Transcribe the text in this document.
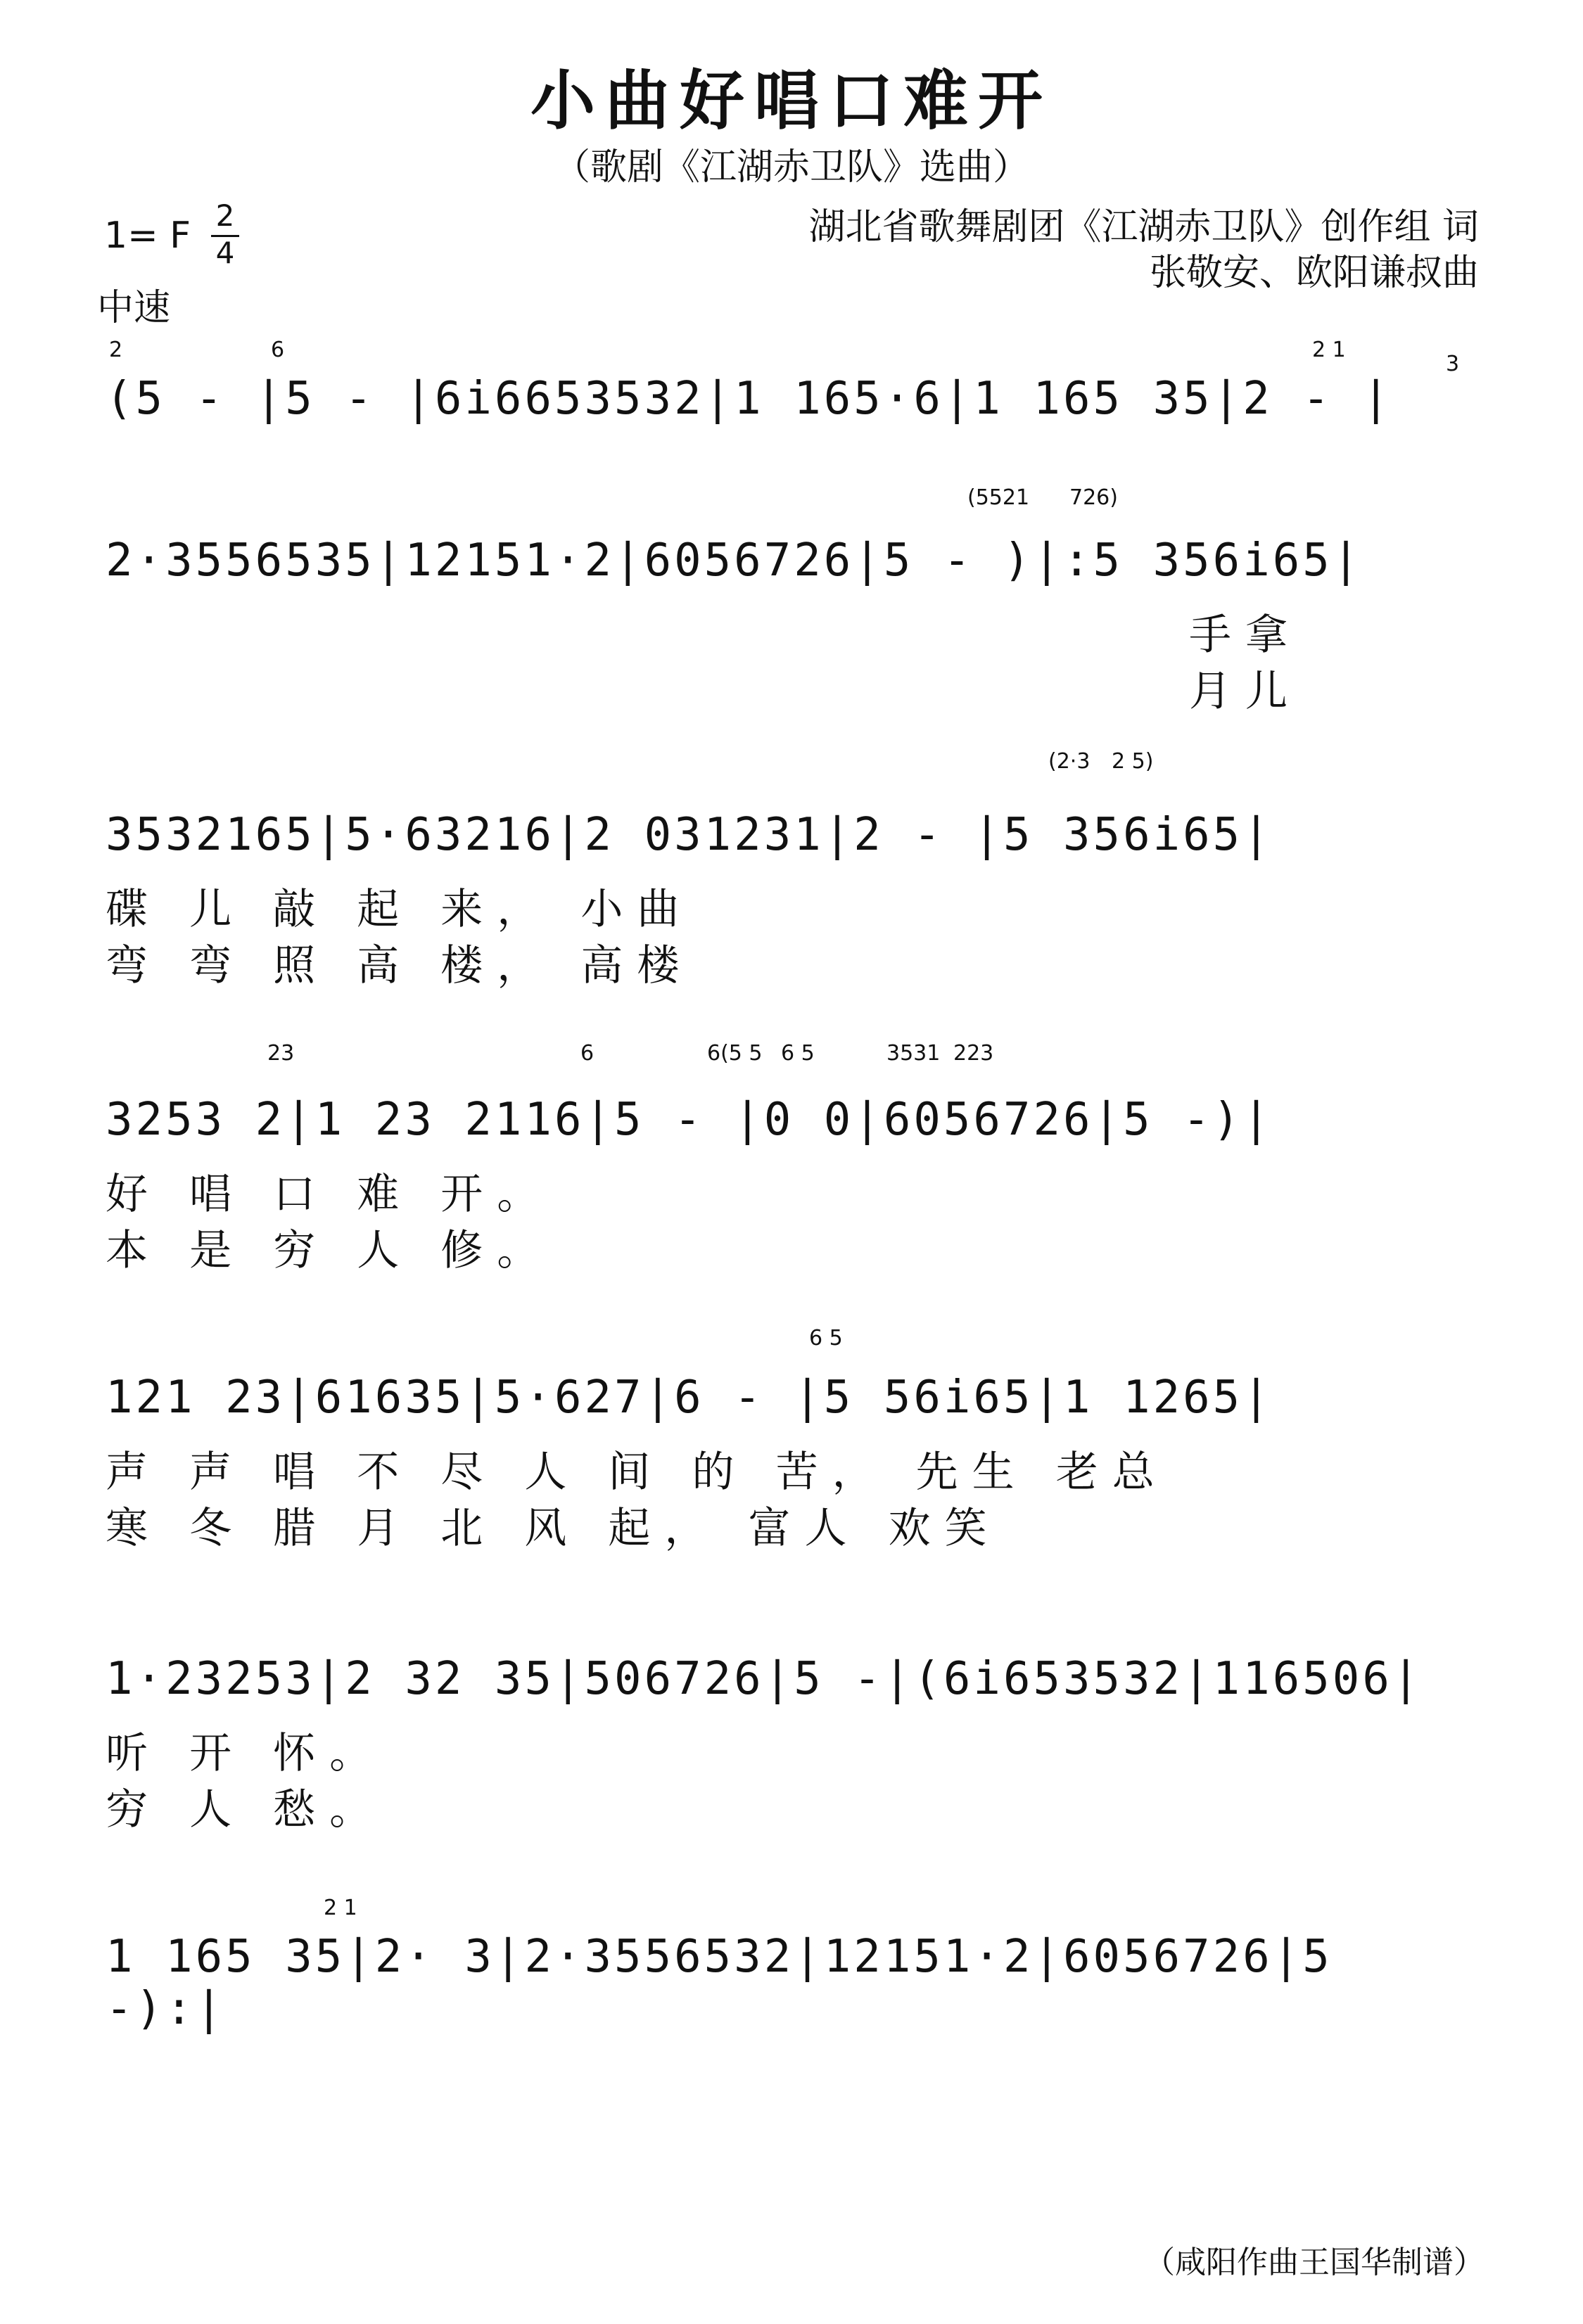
小曲好唱口难开
（歌剧《江湖赤卫队》选曲）
湖北省歌舞剧团《江湖赤卫队》创作组 词
张敬安、欧阳谦叔曲
1= F 2
4
中速
2	6	2 1
3
(5 - |5 - |6i6653532|1 165·6|1 165 35|2 - |
(5521 726)
2·3556535|12151·2|6056726|5 - )|:5 356i65|
手拿
月儿
(2·3 2 5)
3532165|5·63216|2 031231|2 - |5 356i65|
碟 儿 敲 起 来， 小曲
弯 弯 照 高 楼， 高楼
23	6	6(5 5 6 5	3531 223
3253 2|1 23 2116|5 - |0 0|6056726|5 -)|
好 唱 口 难 开。
本 是 穷 人 修。
6 5
121 23|61635|5·627|6 - |5 56i65|1 1265|
声 声 唱 不 尽 人 间 的 苦， 先生 老总
寒 冬 腊 月 北 风 起， 富人 欢笑
1·23253|2 32 35|506726|5 -|(6i653532|116506|
听 开 怀。
穷 人 愁。
2 1
1 165 35|2· 3|2·3556532|12151·2|6056726|5 -):|
（咸阳作曲王国华制谱）
